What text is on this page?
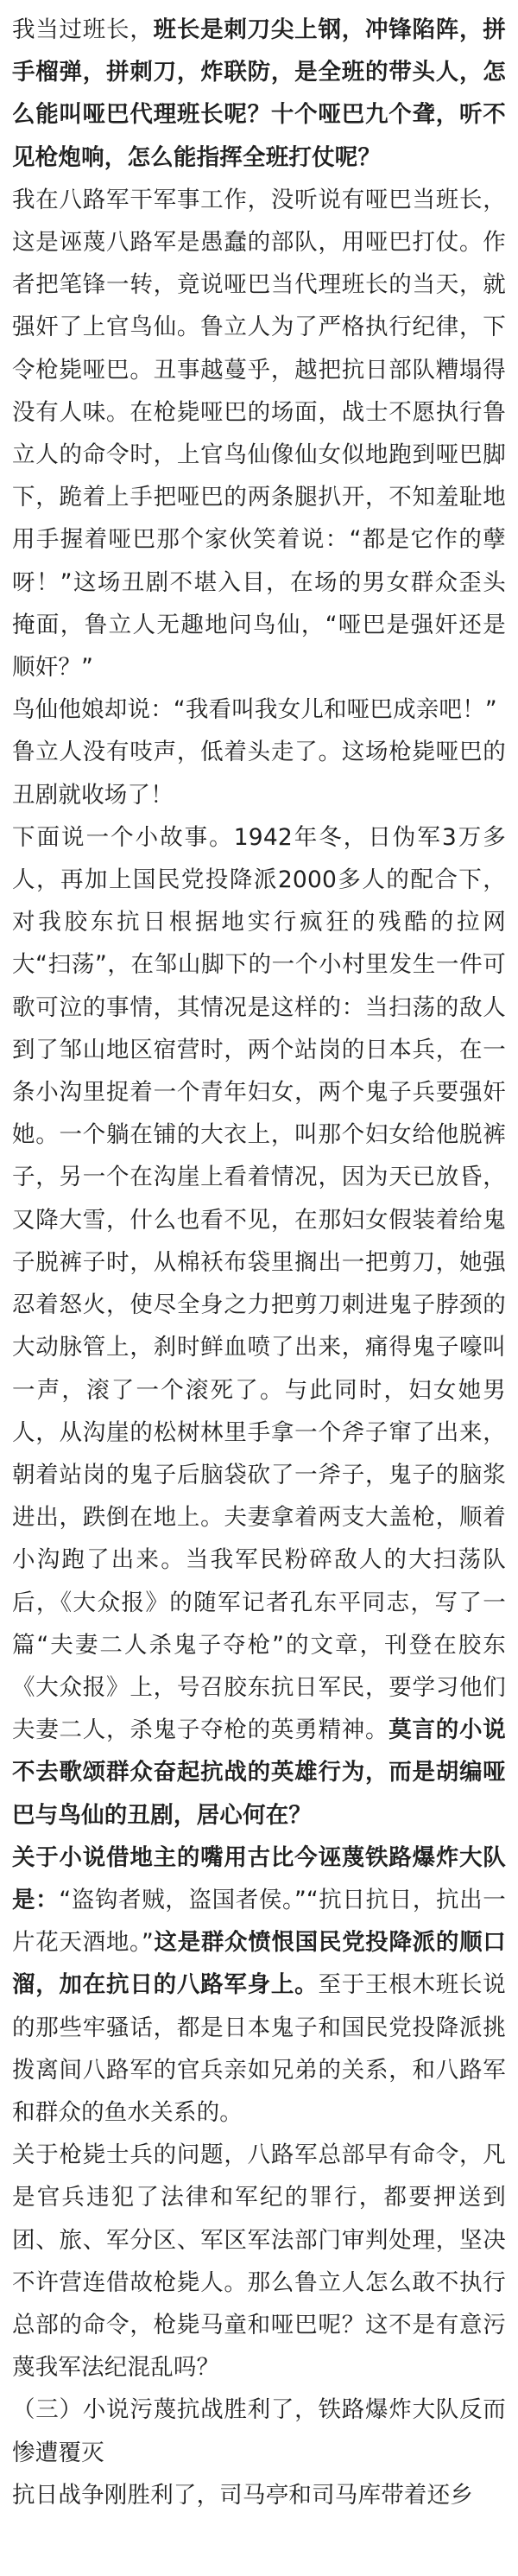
我当过班长，班长是刺刀尖上钢，冲锋陷阵，拼手榴弹，拼刺刀，炸联防，是全班的带头人，怎么能叫哑巴代理班长呢？十个哑巴九个聋，听不见枪炮响，怎么能指挥全班打仗呢？

我在八路军干军事工作，没听说有哑巴当班长，这是诬蔑八路军是愚蠢的部队，用哑巴打仗。作者把笔锋一转，竟说哑巴当代理班长的当天，就强奸了上官鸟仙。鲁立人为了严格执行纪律，下令枪毙哑巴。丑事越蔓乎，越把抗日部队糟塌得没有人味。在枪毙哑巴的场面，战士不愿执行鲁立人的命令时，上官鸟仙像仙女似地跑到哑巴脚下，跪着上手把哑巴的两条腿扒开，不知羞耻地用手握着哑巴那个家伙笑着说：“都是它作的孽呀！”这场丑剧不堪入目，在场的男女群众歪头掩面，鲁立人无趣地问鸟仙，“哑巴是强奸还是顺奸？”

鸟仙他娘却说：“我看叫我女儿和哑巴成亲吧！”

鲁立人没有吱声，低着头走了。这场枪毙哑巴的丑剧就收场了！

下面说一个小故事。1942年冬，日伪军3万多人，再加上国民党投降派2000多人的配合下，对我胶东抗日根据地实行疯狂的残酷的拉网大“扫荡”，在邹山脚下的一个小村里发生一件可歌可泣的事情，其情况是这样的：当扫荡的敌人到了邹山地区宿营时，两个站岗的日本兵，在一条小沟里捉着一个青年妇女，两个鬼子兵要强奸她。一个躺在铺的大衣上，叫那个妇女给他脱裤子，另一个在沟崖上看着情况，因为天已放昏，又降大雪，什么也看不见，在那妇女假装着给鬼子脱裤子时，从棉袄布袋里搁出一把剪刀，她强忍着怒火，使尽全身之力把剪刀刺进鬼子脖颈的大动脉管上，刹时鲜血喷了出来，痛得鬼子嚎叫一声，滚了一个滚死了。与此同时，妇女她男人，从沟崖的松树林里手拿一个斧子窜了出来，朝着站岗的鬼子后脑袋砍了一斧子，鬼子的脑浆进出，跌倒在地上。夫妻拿着两支大盖枪，顺着小沟跑了出来。当我军民粉碎敌人的大扫荡队后，《大众报》的随军记者孔东平同志，写了一篇“夫妻二人杀鬼子夺枪”的文章，刊登在胶东《大众报》上，号召胶东抗日军民，要学习他们夫妻二人，杀鬼子夺枪的英勇精神。莫言的小说不去歌颂群众奋起抗战的英雄行为，而是胡编哑巴与鸟仙的丑剧，居心何在？

关于小说借地主的嘴用古比今诬蔑铁路爆炸大队是：“盗钩者贼，盗国者侯。”“抗日抗日，抗出一片花天酒地。”这是群众愤恨国民党投降派的顺口溜，加在抗日的八路军身上。至于王根木班长说的那些牢骚话，都是日本鬼子和国民党投降派挑拨离间八路军的官兵亲如兄弟的关系，和八路军和群众的鱼水关系的。

关于枪毙士兵的问题，八路军总部早有命令，凡是官兵违犯了法律和军纪的罪行，都要押送到团、旅、军分区、军区军法部门审判处理，坚决不许营连借故枪毙人。那么鲁立人怎么敢不执行总部的命令，枪毙马童和哑巴呢？这不是有意污蔑我军法纪混乱吗？

（三）小说污蔑抗战胜利了，铁路爆炸大队反而惨遭覆灭

抗日战争刚胜利了，司马亭和司马库带着还乡
